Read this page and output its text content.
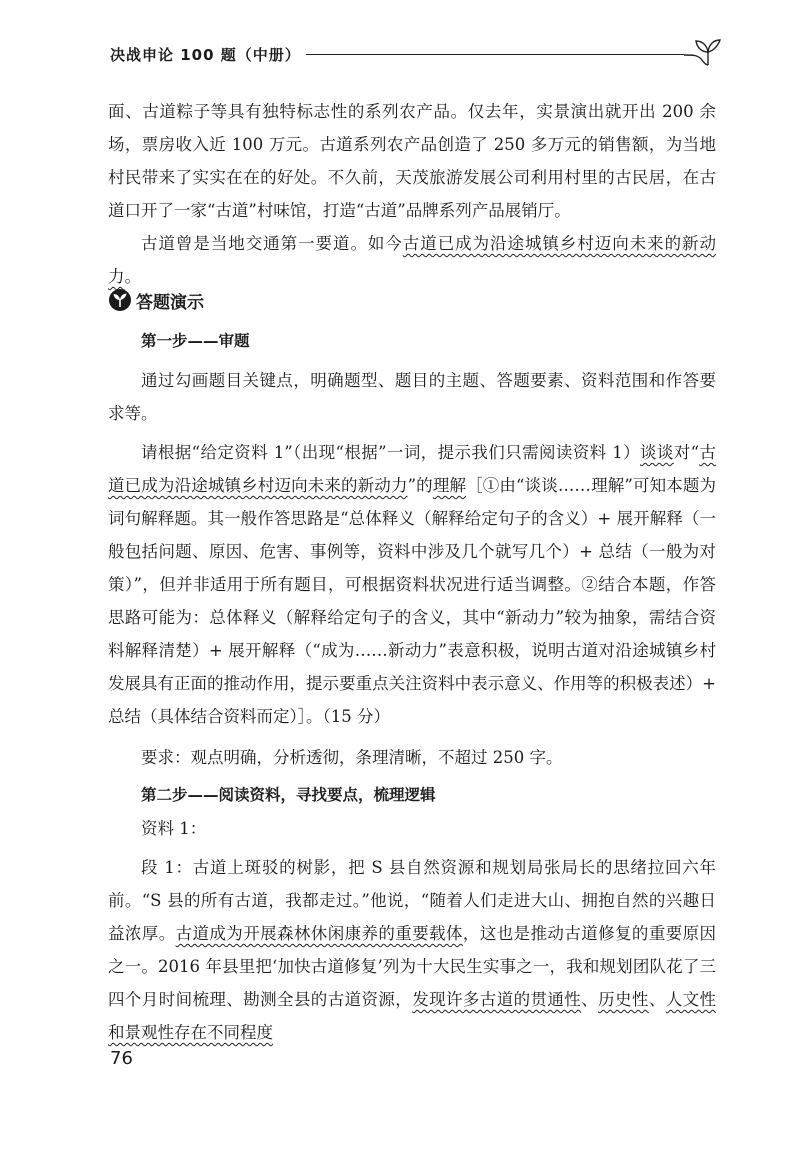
决战申论 100 题（中册）

面、古道粽子等具有独特标志性的系列农产品。仅去年，实景演出就开出 200 余场，票房收入近 100 万元。古道系列农产品创造了 250 多万元的销售额，为当地村民带来了实实在在的好处。不久前，天茂旅游发展公司利用村里的古民居，在古道口开了一家“古道”村味馆，打造“古道”品牌系列产品展销厅。

古道曾是当地交通第一要道。如今古道已成为沿途城镇乡村迈向未来的新动力。

答题演示

第一步——审题

通过勾画题目关键点，明确题型、题目的主题、答题要素、资料范围和作答要求等。

请根据“给定资料 1”（出现“根据”一词，提示我们只需阅读资料 1）谈谈对“古道已成为沿途城镇乡村迈向未来的新动力”的理解［①由“谈谈……理解”可知本题为词句解释题。其一般作答思路是“总体释义（解释给定句子的含义）+ 展开解释（一般包括问题、原因、危害、事例等，资料中涉及几个就写几个）+ 总结（一般为对策）”，但并非适用于所有题目，可根据资料状况进行适当调整。②结合本题，作答思路可能为：总体释义（解释给定句子的含义，其中“新动力”较为抽象，需结合资料解释清楚）+ 展开解释（“成为……新动力”表意积极，说明古道对沿途城镇乡村发展具有正面的推动作用，提示要重点关注资料中表示意义、作用等的积极表述）+ 总结（具体结合资料而定）］。（15 分）

要求：观点明确，分析透彻，条理清晰，不超过 250 字。

第二步——阅读资料，寻找要点，梳理逻辑

资料 1：

段 1：古道上斑驳的树影，把 S 县自然资源和规划局张局长的思绪拉回六年前。“S 县的所有古道，我都走过。”他说，“随着人们走进大山、拥抱自然的兴趣日益浓厚。古道成为开展森林休闲康养的重要载体，这也是推动古道修复的重要原因之一。2016 年县里把‘加快古道修复’列为十大民生实事之一，我和规划团队花了三四个月时间梳理、勘测全县的古道资源，发现许多古道的贯通性、历史性、人文性和景观性存在不同程度

76
